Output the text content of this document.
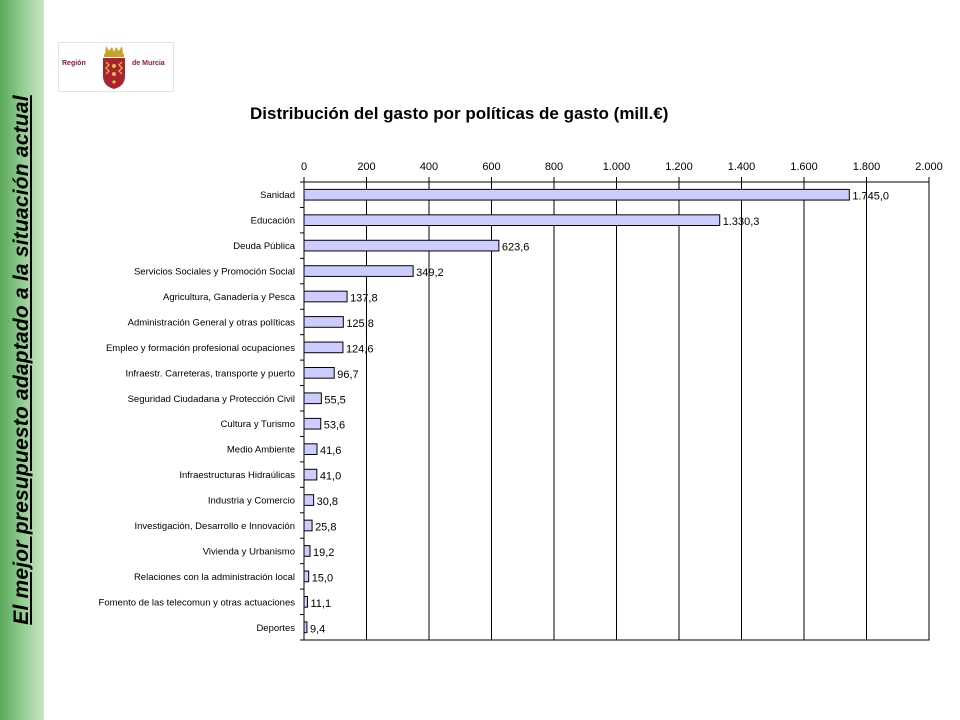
El mejor presupuesto adaptado a la situación actual
Región	de Murcia
Distribución del gasto por políticas de gasto (mill.€)
0	200	400	600	800	1.000	1.200	1.400	1.600	1.800	2.000
Sanidad	1.745,0
Educación	1.330,3
Deuda Pública	623,6
Servicios Sociales y Promoción Social	349,2
Agricultura, Ganadería y Pesca	137,8
Administración General y otras políticas	125,8
Empleo y formación profesional ocupaciones	124,6
Infraestr. Carreteras, transporte y puerto	96,7
Seguridad Ciudadana y Protección Civil	55,5
Cultura y Turismo	53,6
Medio Ambiente 41,6
Infraestructuras Hidraúlicas 41,0
Industria y Comercio 30,8
Investigación, Desarrollo e Innovación 25,8
Vivienda y Urbanismo 19,2
Relaciones con la administración local 15,0
Fomento de las telecomun y otras actuaciones 11,1
Deportes 9,4
